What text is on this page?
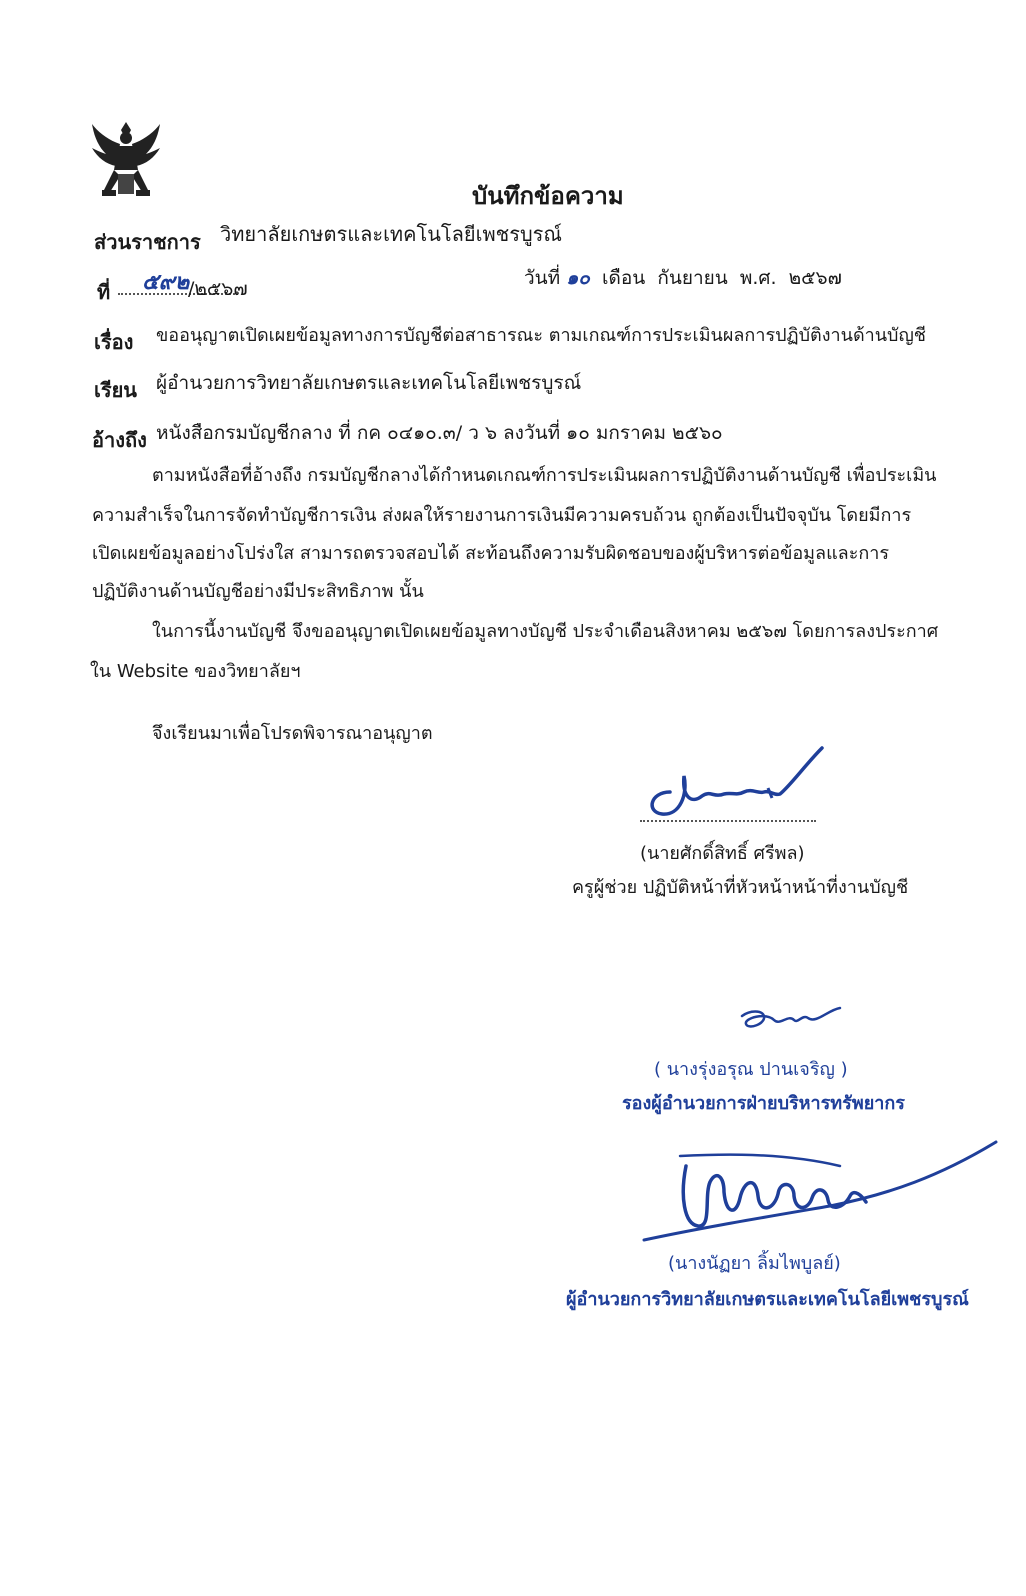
บันทึกข้อความ
ส่วนราชการ วิทยาลัยเกษตรและเทคโนโลยีเพชรบูรณ์
ที่ ๕๙๒
/๒๕๖๗	วันที่ ๑๐ เดือน กันยายน พ.ศ. ๒๕๖๗
เรื่อง ขออนุญาตเปิดเผยข้อมูลทางการบัญชีต่อสาธารณะ ตามเกณฑ์การประเมินผลการปฏิบัติงานด้านบัญชี
เรียน ผู้อำนวยการวิทยาลัยเกษตรและเทคโนโลยีเพชรบูรณ์
อ้างถึง หนังสือกรมบัญชีกลาง ที่ กค ๐๔๑๐.๓/ ว ๖ ลงวันที่ ๑๐ มกราคม ๒๕๖๐
ตามหนังสือที่อ้างถึง กรมบัญชีกลางได้กำหนดเกณฑ์การประเมินผลการปฏิบัติงานด้านบัญชี เพื่อประเมิน
ความสำเร็จในการจัดทำบัญชีการเงิน ส่งผลให้รายงานการเงินมีความครบถ้วน ถูกต้องเป็นปัจจุบัน โดยมีการ
เปิดเผยข้อมูลอย่างโปร่งใส สามารถตรวจสอบได้ สะท้อนถึงความรับผิดชอบของผู้บริหารต่อข้อมูลและการ
ปฏิบัติงานด้านบัญชีอย่างมีประสิทธิภาพ นั้น
ในการนี้งานบัญชี จึงขออนุญาตเปิดเผยข้อมูลทางบัญชี ประจำเดือนสิงหาคม ๒๕๖๗ โดยการลงประกาศ
ใน Website ของวิทยาลัยฯ
จึงเรียนมาเพื่อโปรดพิจารณาอนุญาต
(นายศักดิ์สิทธิ์ ศรีพล)
ครูผู้ช่วย ปฏิบัติหน้าที่หัวหน้าหน้าที่งานบัญชี
( นางรุ่งอรุณ ปานเจริญ )
รองผู้อำนวยการฝ่ายบริหารทรัพยากร
(นางนัฏยา ลิ้มไพบูลย์)
ผู้อำนวยการวิทยาลัยเกษตรและเทคโนโลยีเพชรบูรณ์
